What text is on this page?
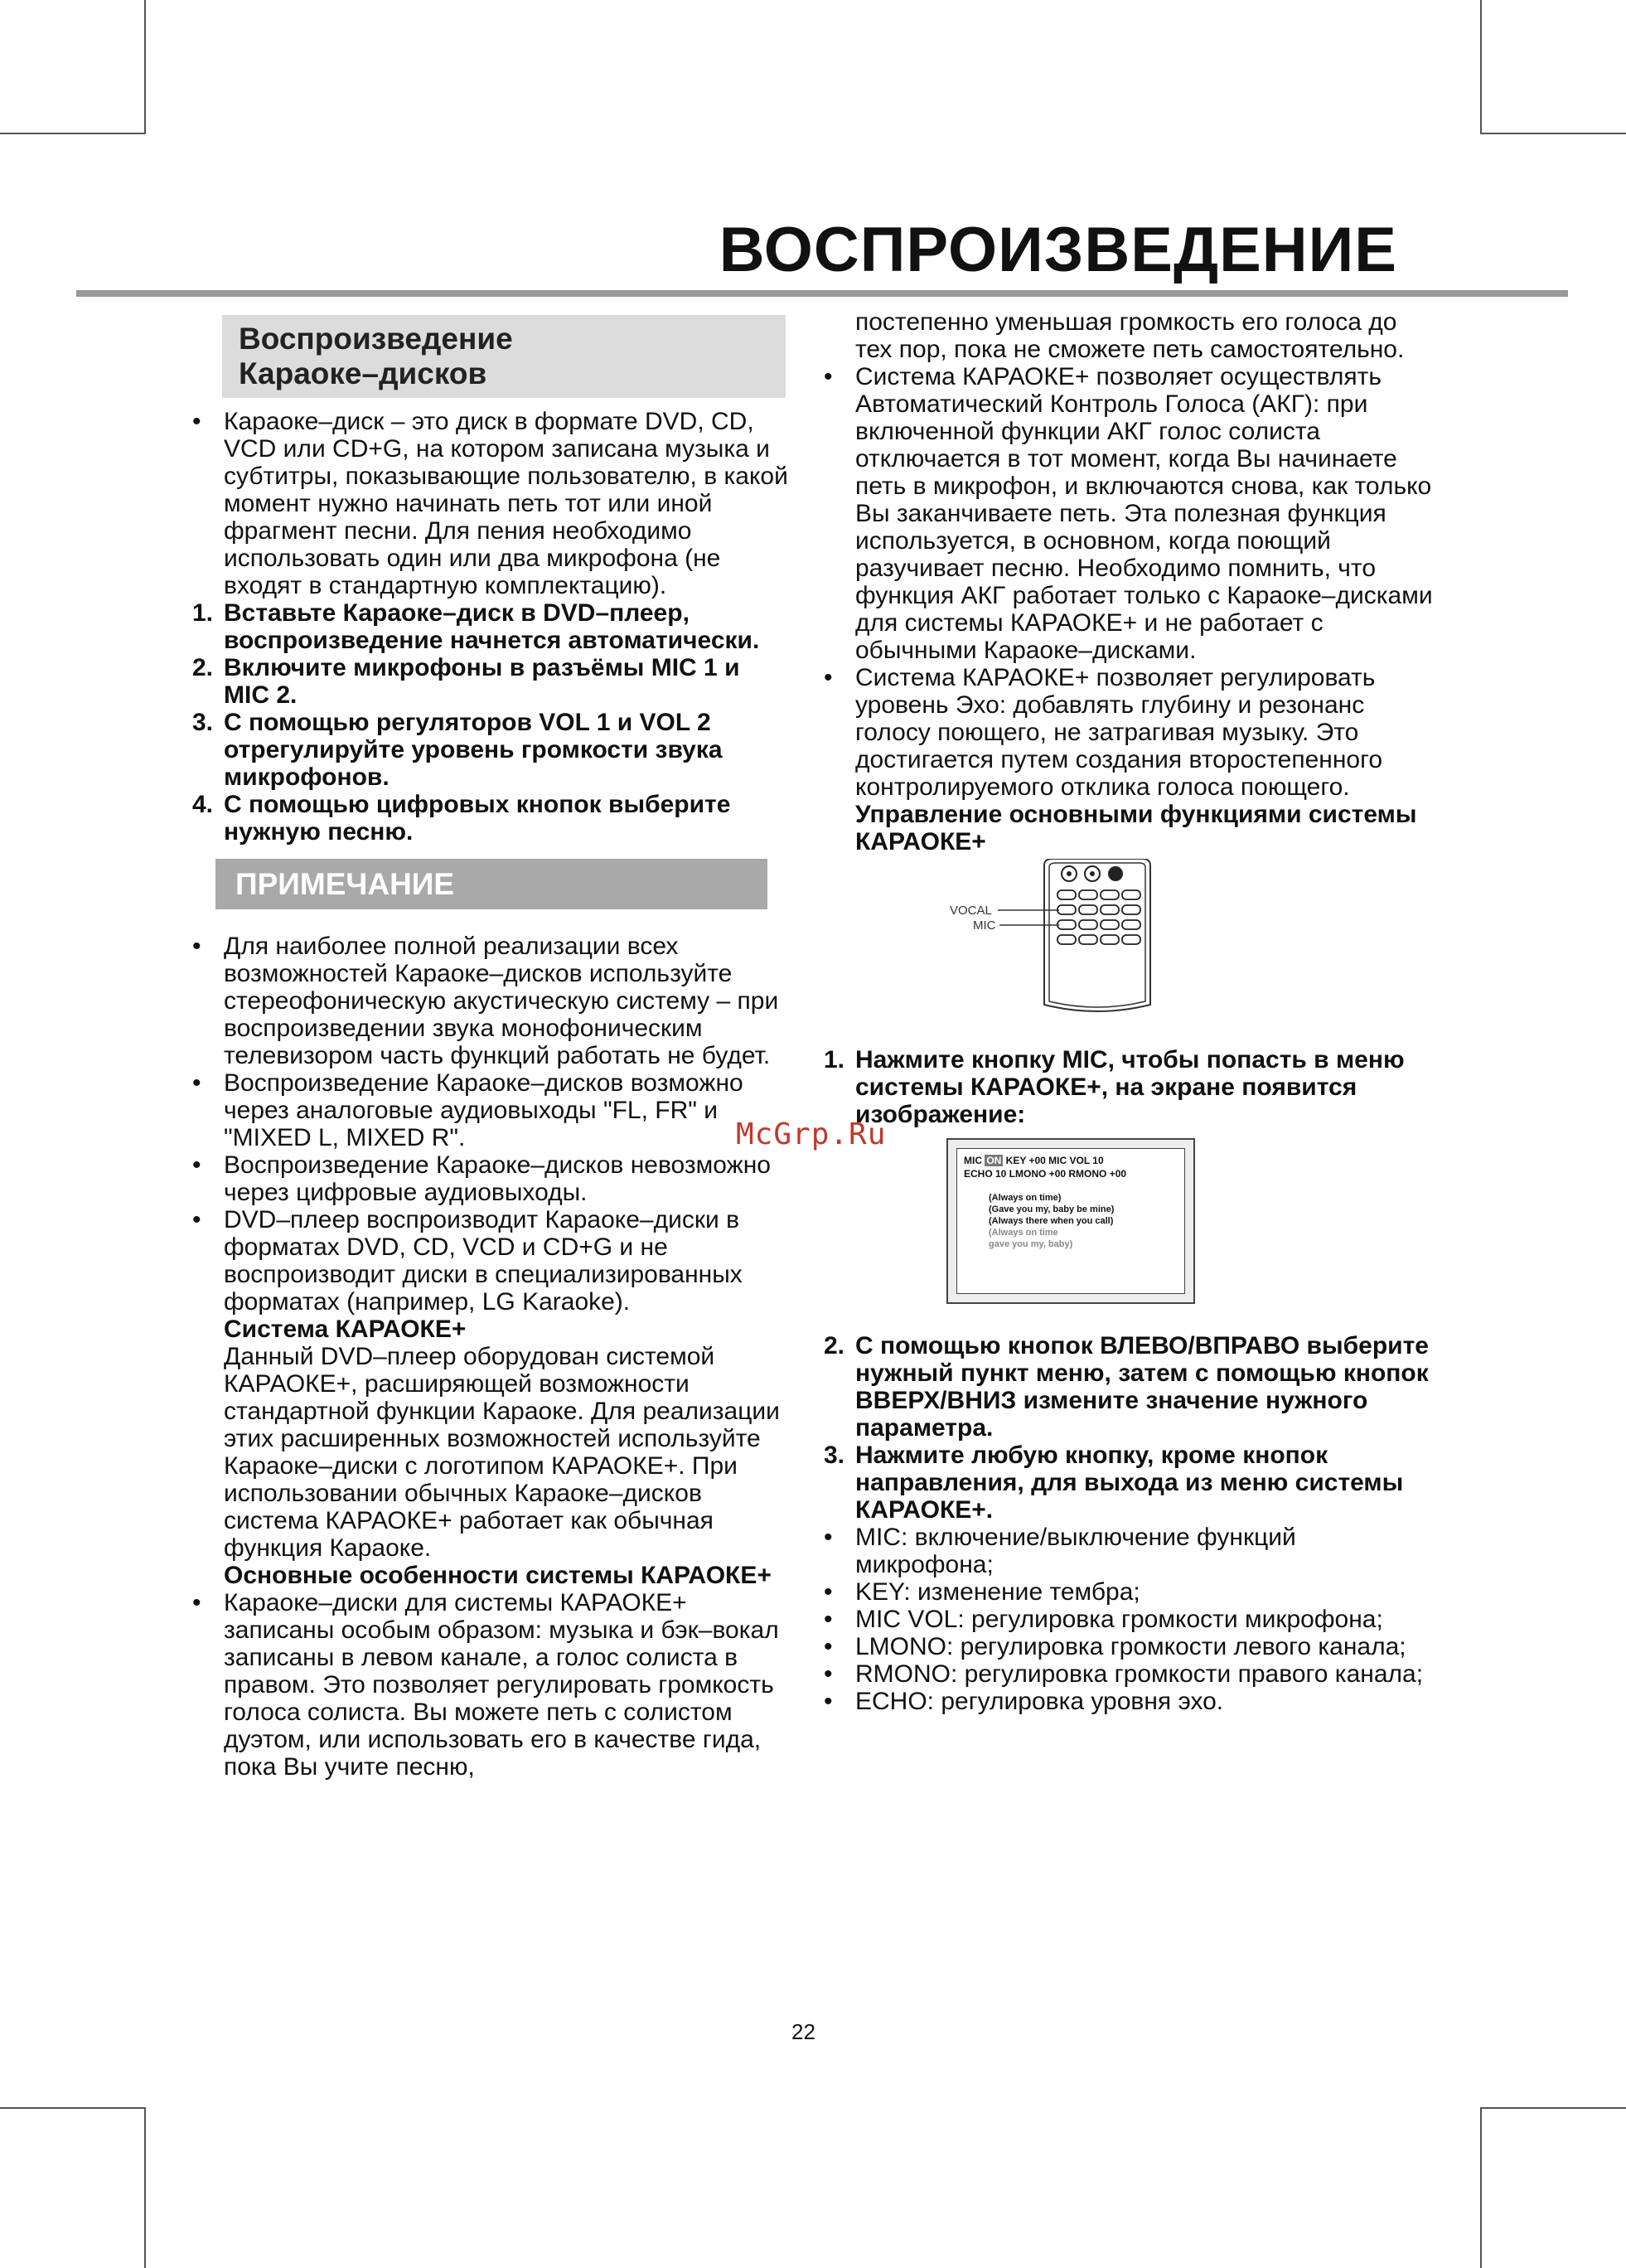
ВОСПРОИЗВЕДЕНИЕ
Воспроизведение
Караоке–дисков
• Караоке–диск – это диск в формате DVD, CD, VCD или CD+G, на котором записана музыка и субтитры, показывающие пользователю, в какой момент нужно начинать петь тот или иной фрагмент песни. Для пения необходимо использовать один или два микрофона (не входят в стандартную комплектацию).
1. Вставьте Караоке–диск в DVD–плеер, воспроизведение начнется автоматически.
2. Включите микрофоны в разъёмы MIC 1 и MIC 2.
3. С помощью регуляторов VOL 1 и VOL 2 отрегулируйте уровень громкости звука микрофонов.
4. С помощью цифровых кнопок выберите нужную песню.
ПРИМЕЧАНИЕ
• Для наиболее полной реализации всех возможностей Караоке–дисков используйте стереофоническую акустическую систему – при воспроизведении звука монофоническим телевизором часть функций работать не будет.
• Воспроизведение Караоке–дисков возможно через аналоговые аудиовыходы "FL, FR" и "MIXED L, MIXED R".
• Воспроизведение Караоке–дисков невозможно через цифровые аудиовыходы.
• DVD–плеер воспроизводит Караоке–диски в форматах DVD, CD, VCD и CD+G и не воспроизводит диски в специализированных форматах (например, LG Karaoke).
Система КАРАОКЕ+
Данный DVD–плеер оборудован системой КАРАОКЕ+, расширяющей возможности стандартной функции Караоке. Для реализации этих расширенных возможностей используйте Караоке–диски с логотипом КАРАОКЕ+. При использовании обычных Караоке–дисков система КАРАОКЕ+ работает как обычная функция Караоке.
Основные особенности системы КАРАОКЕ+
• Караоке–диски для системы КАРАОКЕ+ записаны особым образом: музыка и бэк–вокал записаны в левом канале, а голос солиста в правом. Это позволяет регулировать громкость голоса солиста. Вы можете петь с солистом дуэтом, или использовать его в качестве гида, пока Вы учите песню,
постепенно уменьшая громкость его голоса до тех пор, пока не сможете петь самостоятельно.
• Система КАРАОКЕ+ позволяет осуществлять Автоматический Контроль Голоса (АКГ): при включенной функции АКГ голос солиста отключается в тот момент, когда Вы начинаете петь в микрофон, и включаются снова, как только Вы заканчиваете петь. Эта полезная функция используется, в основном, когда поющий разучивает песню. Необходимо помнить, что функция АКГ работает только с Караоке–дисками для системы КАРАОКЕ+ и не работает с обычными Караоке–дисками.
• Система КАРАОКЕ+ позволяет регулировать уровень Эхо: добавлять глубину и резонанс голосу поющего, не затрагивая музыку. Это достигается путем создания второстепенного контролируемого отклика голоса поющего.
Управление основными функциями системы КАРАОКЕ+
VOCAL
MIC
1. Нажмите кнопку MIC, чтобы попасть в меню системы КАРАОКЕ+, на экране появится изображение:
MIC ON KEY +00 MIC VOL 10
ECHO 10 LMONO +00 RMONO +00
(Always on time)
(Gave you my, baby be mine)
(Always there when you call)
(Always on time
gave you my, baby)
2. С помощью кнопок ВЛЕВО/ВПРАВО выберите нужный пункт меню, затем с помощью кнопок ВВЕРХ/ВНИЗ измените значение нужного параметра.
3. Нажмите любую кнопку, кроме кнопок направления, для выхода из меню системы КАРАОКЕ+.
• MIC: включение/выключение функций микрофона;
• KEY: изменение тембра;
• MIC VOL: регулировка громкости микрофона;
• LMONO: регулировка громкости левого канала;
• RMONO: регулировка громкости правого канала;
• ECHO: регулировка уровня эхо.
McGrp.Ru
22
